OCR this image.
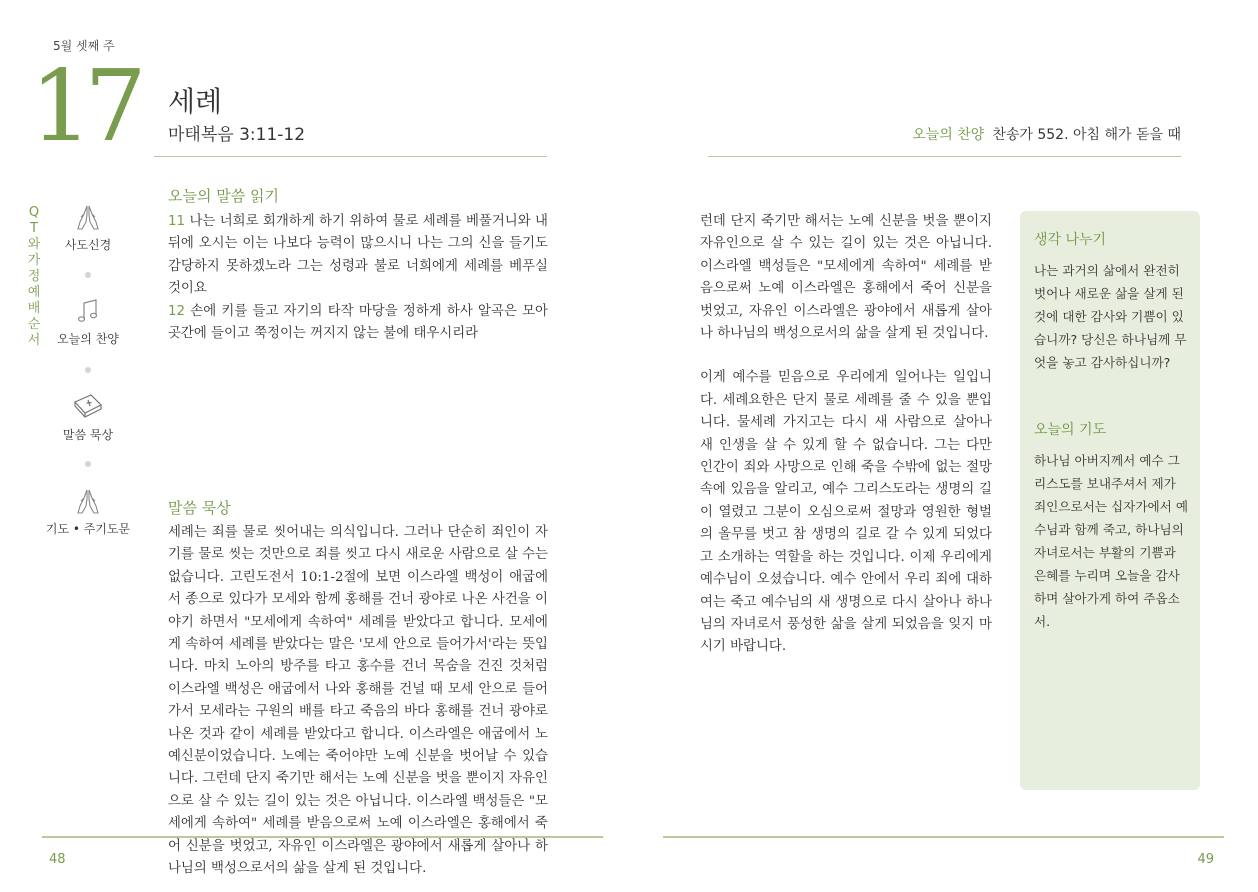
5월 셋째 주
17 세례
마태복음 3:11-12	오늘의 찬양 찬송가 552. 아침 해가 돋을 때
QT와 가정예배 순서
사도신경
오늘의 찬양
말씀 묵상
기도 • 주기도문
오늘의 말씀 읽기

11 나는 너희로 회개하게 하기 위하여 물로 세례를 베풀거니와 내 뒤에 오시는 이는 나보다 능력이 많으시니 나는 그의 신을 들기도 감당하지 못하겠노라 그는 성령과 불로 너희에게 세례를 베푸실 것이요

12 손에 키를 들고 자기의 타작 마당을 정하게 하사 알곡은 모아 곳간에 들이고 쭉정이는 꺼지지 않는 불에 태우시리라

말씀 묵상

세례는 죄를 물로 씻어내는 의식입니다. 그러나 단순히 죄인이 자기를 물로 씻는 것만으로 죄를 씻고 다시 새로운 사람으로 살 수는 없습니다. 고린도전서 10:1-2절에 보면 이스라엘 백성이 애굽에서 종으로 있다가 모세와 함께 홍해를 건너 광야로 나온 사건을 이야기 하면서 "모세에게 속하여" 세례를 받았다고 합니다. 모세에게 속하여 세례를 받았다는 말은 '모세 안으로 들어가서'라는 뜻입니다. 마치 노아의 방주를 타고 홍수를 건너 목숨을 건진 것처럼 이스라엘 백성은 애굽에서 나와 홍해를 건널 때 모세 안으로 들어가서 모세라는 구원의 배를 타고 죽음의 바다 홍해를 건너 광야로 나온 것과 같이 세례를 받았다고 합니다. 이스라엘은 애굽에서 노예신분이었습니다. 노예는 죽어야만 노예 신분을 벗어날 수 있습니다. 그런데 단지 죽기만 해서는 노예 신분을 벗을 뿐이지 자유인으로 살 수 있는 길이 있는 것은 아닙니다. 이스라엘 백성들은 "모세에게 속하여" 세례를 받음으로써 노예 이스라엘은 홍해에서 죽어 신분을 벗었고, 자유인 이스라엘은 광야에서 새롭게 살아나 하나님의 백성으로서의 삶을 살게 된 것입니다.

런데 단지 죽기만 해서는 노예 신분을 벗을 뿐이지 자유인으로 살 수 있는 길이 있는 것은 아닙니다. 이스라엘 백성들은 "모세에게 속하여" 세례를 받음으로써 노예 이스라엘은 홍해에서 죽어 신분을 벗었고, 자유인 이스라엘은 광야에서 새롭게 살아나 하나님의 백성으로서의 삶을 살게 된 것입니다.

이게 예수를 믿음으로 우리에게 일어나는 일입니다. 세례요한은 단지 물로 세례를 줄 수 있을 뿐입니다. 물세례 가지고는 다시 새 사람으로 살아나 새 인생을 살 수 있게 할 수 없습니다. 그는 다만 인간이 죄와 사망으로 인해 죽을 수밖에 없는 절망 속에 있음을 알리고, 예수 그리스도라는 생명의 길이 열렸고 그분이 오심으로써 절망과 영원한 형벌의 올무를 벗고 참 생명의 길로 갈 수 있게 되었다고 소개하는 역할을 하는 것입니다. 이제 우리에게 예수님이 오셨습니다. 예수 안에서 우리 죄에 대하여는 죽고 예수님의 새 생명으로 다시 살아나 하나님의 자녀로서 풍성한 삶을 살게 되었음을 잊지 마시기 바랍니다.

생각 나누기

나는 과거의 삶에서 완전히 벗어나 새로운 삶을 살게 된 것에 대한 감사와 기쁨이 있습니까? 당신은 하나님께 무엇을 놓고 감사하십니까?

오늘의 기도

하나님 아버지께서 예수 그리스도를 보내주셔서 제가 죄인으로서는 십자가에서 예수님과 함께 죽고, 하나님의 자녀로서는 부활의 기쁨과 은혜를 누리며 오늘을 감사하며 살아가게 하여 주옵소서.

48	49
